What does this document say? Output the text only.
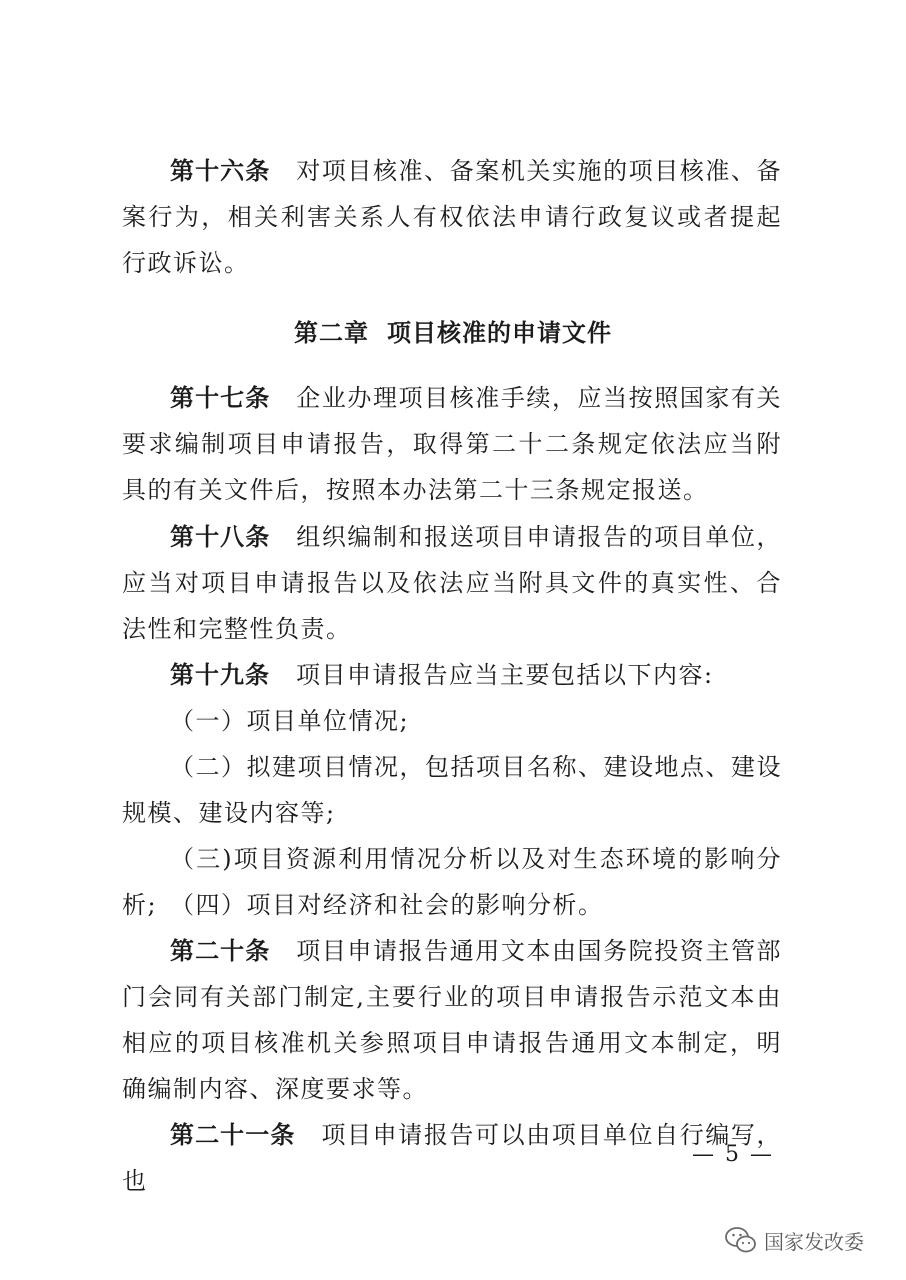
第十六条 对项目核准、备案机关实施的项目核准、备案行为，相关利害关系人有权依法申请行政复议或者提起行政诉讼。

第二章 项目核准的申请文件

第十七条 企业办理项目核准手续，应当按照国家有关要求编制项目申请报告，取得第二十二条规定依法应当附具的有关文件后，按照本办法第二十三条规定报送。

第十八条 组织编制和报送项目申请报告的项目单位，应当对项目申请报告以及依法应当附具文件的真实性、合法性和完整性负责。

第十九条 项目申请报告应当主要包括以下内容:

（一）项目单位情况;

（二）拟建项目情况，包括项目名称、建设地点、建设规模、建设内容等;

（三)项目资源利用情况分析以及对生态环境的影响分析; （四）项目对经济和社会的影响分析。

第二十条 项目申请报告通用文本由国务院投资主管部门会同有关部门制定,主要行业的项目申请报告示范文本由相应的项目核准机关参照项目申请报告通用文本制定，明确编制内容、深度要求等。

第二十一条 项目申请报告可以由项目单位自行编写，也

— 5 —
国家发改委
